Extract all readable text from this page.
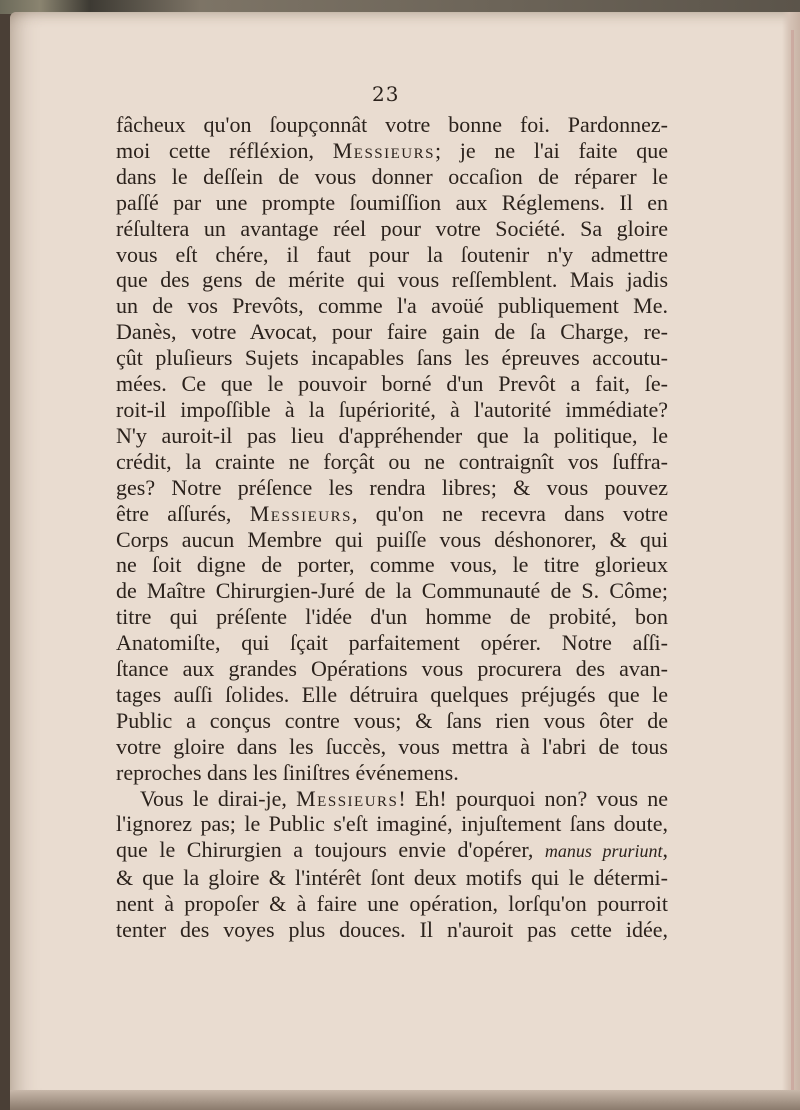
23
fâcheux qu'on ſoupçonnât votre bonne foi. Pardonnez-
moi cette réfléxion, Messieurs; je ne l'ai faite que
dans le deſſein de vous donner occaſion de réparer le
paſſé par une prompte ſoumiſſion aux Réglemens. Il en
réſultera un avantage réel pour votre Société. Sa gloire
vous eſt chére, il faut pour la ſoutenir n'y admettre
que des gens de mérite qui vous reſſemblent. Mais jadis
un de vos Prevôts, comme l'a avoüé publiquement Me.
Danès, votre Avocat, pour faire gain de ſa Charge, re-
çût pluſieurs Sujets incapables ſans les épreuves accoutu-
mées. Ce que le pouvoir borné d'un Prevôt a fait, ſe-
roit-il impoſſible à la ſupériorité, à l'autorité immédiate?
N'y auroit-il pas lieu d'appréhender que la politique, le
crédit, la crainte ne forçât ou ne contraignît vos ſuffra-
ges? Notre préſence les rendra libres; & vous pouvez
être aſſurés, Messieurs, qu'on ne recevra dans votre
Corps aucun Membre qui puiſſe vous déshonorer, & qui
ne ſoit digne de porter, comme vous, le titre glorieux
de Maître Chirurgien-Juré de la Communauté de S. Côme;
titre qui préſente l'idée d'un homme de probité, bon
Anatomiſte, qui ſçait parfaitement opérer. Notre aſſi-
ſtance aux grandes Opérations vous procurera des avan-
tages auſſi ſolides. Elle détruira quelques préjugés que le
Public a conçus contre vous; & ſans rien vous ôter de
votre gloire dans les ſuccès, vous mettra à l'abri de tous
reproches dans les ſiniſtres événemens.
Vous le dirai-je, Messieurs! Eh! pourquoi non? vous ne
l'ignorez pas; le Public s'eſt imaginé, injuſtement ſans doute,
que le Chirurgien a toujours envie d'opérer, manus pruriunt,
& que la gloire & l'intérêt ſont deux motifs qui le détermi-
nent à propoſer & à faire une opération, lorſqu'on pourroit
tenter des voyes plus douces. Il n'auroit pas cette idée,
